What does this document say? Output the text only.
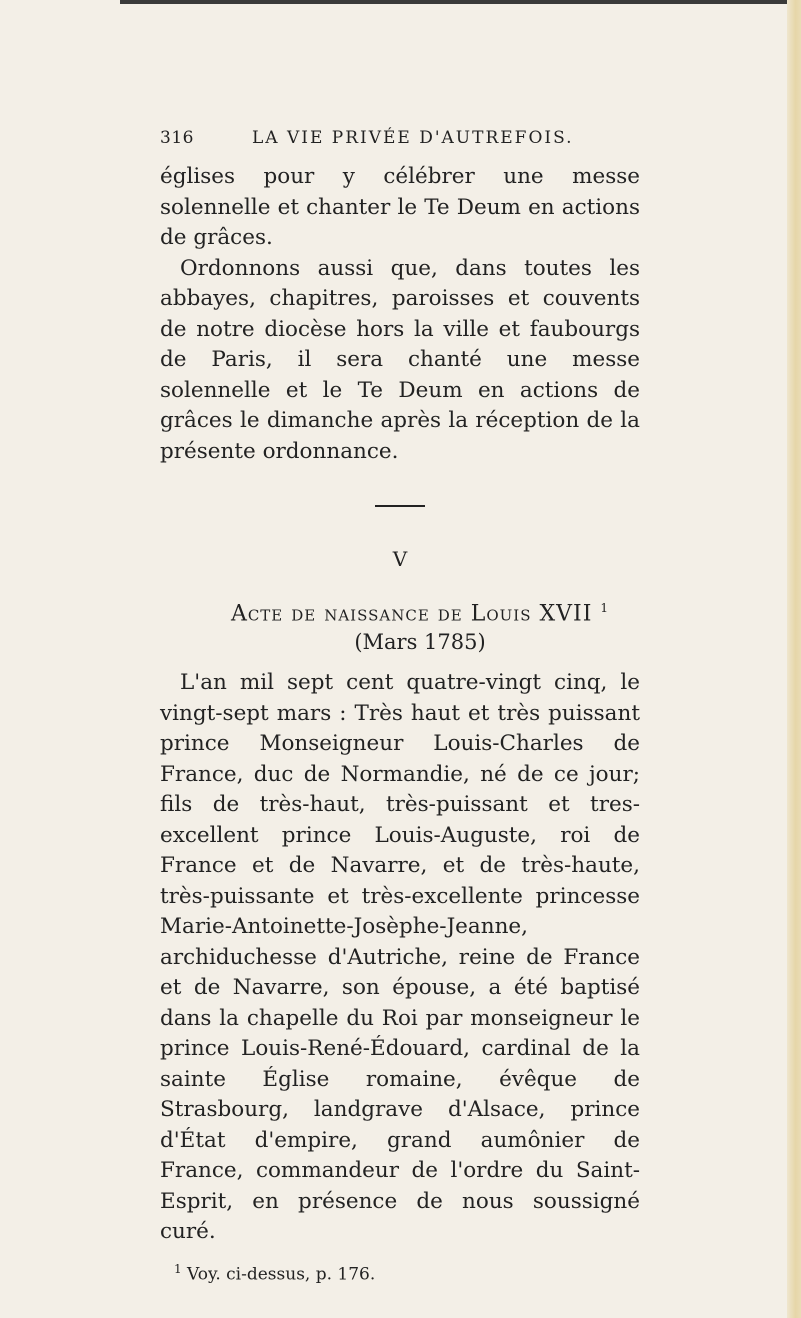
316	LA VIE PRIVÉE D'AUTREFOIS.

églises pour y célébrer une messe solennelle et chanter le Te Deum en actions de grâces.

Ordonnons aussi que, dans toutes les abbayes, chapitres, paroisses et couvents de notre diocèse hors la ville et faubourgs de Paris, il sera chanté une messe solennelle et le Te Deum en actions de grâces le dimanche après la réception de la présente ordonnance.

V
Acte de naissance de Louis XVII $^1$
(Mars 1785)

L'an mil sept cent quatre-vingt cinq, le vingt-sept mars : Très haut et très puissant prince Monseigneur Louis-Charles de France, duc de Normandie, né de ce jour; fils de très-haut, très-puissant et tres-excellent prince Louis-Auguste, roi de France et de Navarre, et de très-haute, très-puissante et très-excellente princesse Marie-Antoinette-Josèphe-Jeanne, archiduchesse d'Autriche, reine de France et de Navarre, son épouse, a été baptisé dans la chapelle du Roi par monseigneur le prince Louis-René-Édouard, cardinal de la sainte Église romaine, évêque de Strasbourg, landgrave d'Alsace, prince d'État d'empire, grand aumônier de France, commandeur de l'ordre du Saint-Esprit, en présence de nous soussigné curé.

$^1$ Voy. ci-dessus, p. 176.
